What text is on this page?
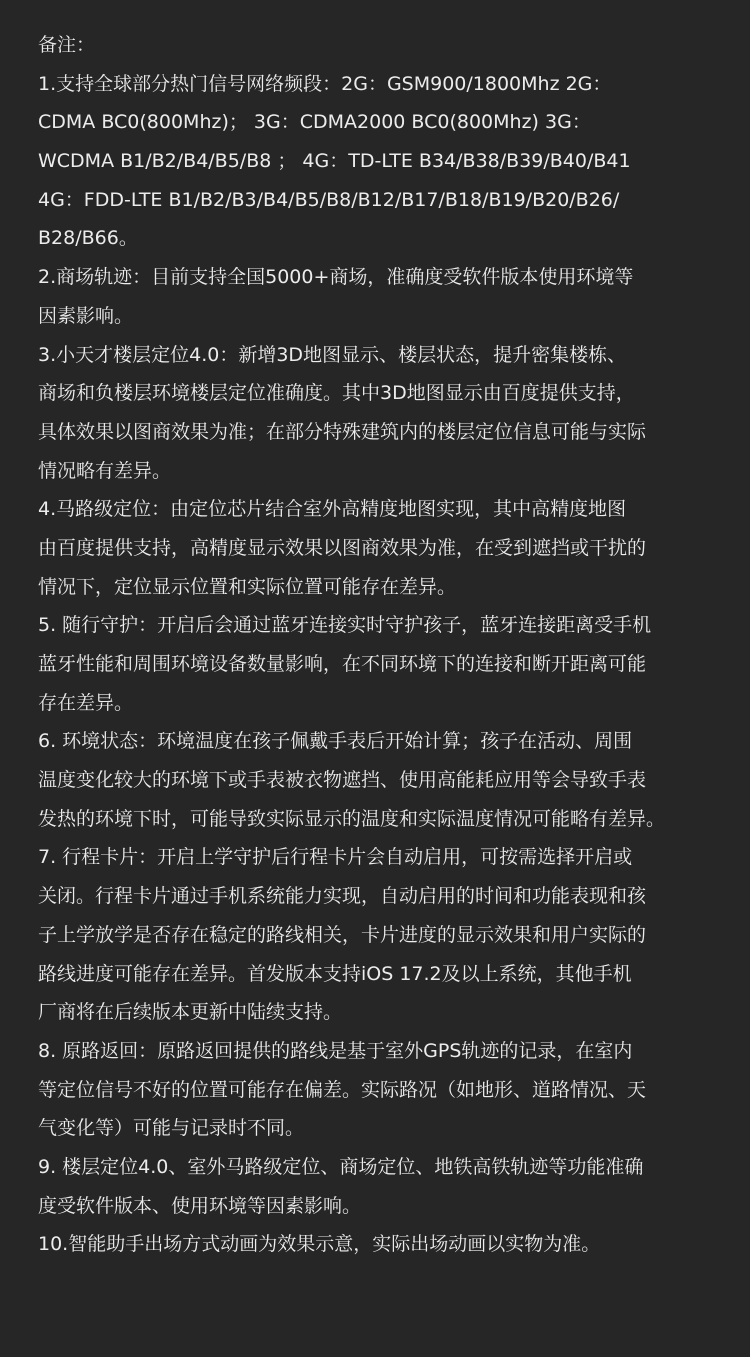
备注：

1.支持全球部分热门信号网络频段：2G：GSM900/1800Mhz 2G：

CDMA BC0(800Mhz)； 3G：CDMA2000 BC0(800Mhz) 3G：

WCDMA B1/B2/B4/B5/B8 ； 4G：TD-LTE B34/B38/B39/B40/B41

4G：FDD-LTE B1/B2/B3/B4/B5/B8/B12/B17/B18/B19/B20/B26/

B28/B66。

2.商场轨迹：目前支持全国5000+商场，准确度受软件版本使用环境等

因素影响。

3.小天才楼层定位4.0：新增3D地图显示、楼层状态，提升密集楼栋、

商场和负楼层环境楼层定位准确度。其中3D地图显示由百度提供支持，

具体效果以图商效果为准；在部分特殊建筑内的楼层定位信息可能与实际

情况略有差异。

4.马路级定位：由定位芯片结合室外高精度地图实现，其中高精度地图

由百度提供支持，高精度显示效果以图商效果为准，在受到遮挡或干扰的

情况下，定位显示位置和实际位置可能存在差异。

5. 随行守护：开启后会通过蓝牙连接实时守护孩子，蓝牙连接距离受手机

蓝牙性能和周围环境设备数量影响，在不同环境下的连接和断开距离可能

存在差异。

6. 环境状态：环境温度在孩子佩戴手表后开始计算；孩子在活动、周围

温度变化较大的环境下或手表被衣物遮挡、使用高能耗应用等会导致手表

发热的环境下时，可能导致实际显示的温度和实际温度情况可能略有差异。

7. 行程卡片：开启上学守护后行程卡片会自动启用，可按需选择开启或

关闭。行程卡片通过手机系统能力实现，自动启用的时间和功能表现和孩

子上学放学是否存在稳定的路线相关，卡片进度的显示效果和用户实际的

路线进度可能存在差异。首发版本支持iOS 17.2及以上系统，其他手机

厂商将在后续版本更新中陆续支持。

8. 原路返回：原路返回提供的路线是基于室外GPS轨迹的记录，在室内

等定位信号不好的位置可能存在偏差。实际路况（如地形、道路情况、天

气变化等）可能与记录时不同。

9. 楼层定位4.0、室外马路级定位、商场定位、地铁高铁轨迹等功能准确

度受软件版本、使用环境等因素影响。

10.智能助手出场方式动画为效果示意，实际出场动画以实物为准。
